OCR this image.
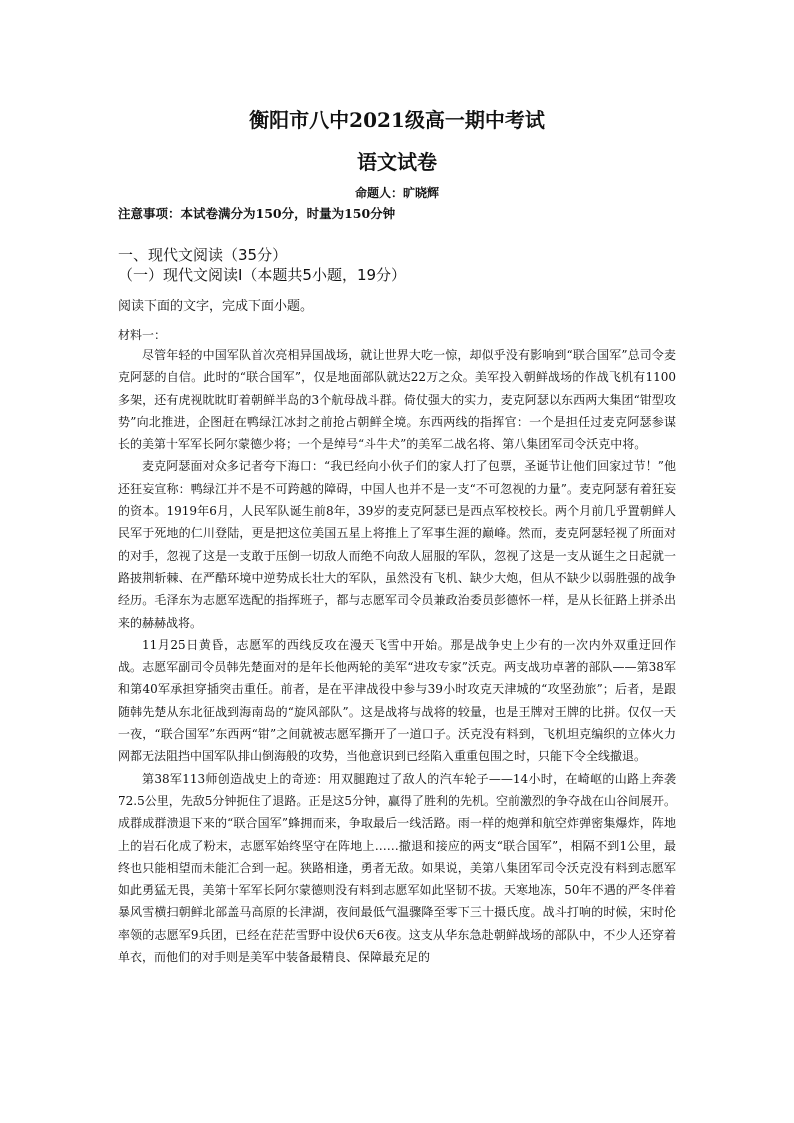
衡阳市八中2021级高一期中考试
语文试卷
命题人：旷晓辉
注意事项：本试卷满分为150分，时量为150分钟
一、现代文阅读（35分）
（一）现代文阅读Ⅰ（本题共5小题，19分）
阅读下面的文字，完成下面小题。
材料一：

尽管年轻的中国军队首次亮相异国战场，就让世界大吃一惊，却似乎没有影响到“联合国军”总司令麦克阿瑟的自信。此时的“联合国军”，仅是地面部队就达22万之众。美军投入朝鲜战场的作战飞机有1100多架，还有虎视眈眈盯着朝鲜半岛的3个航母战斗群。倚仗强大的实力，麦克阿瑟以东西两大集团“钳型攻势”向北推进，企图赶在鸭绿江冰封之前抢占朝鲜全境。东西两线的指挥官：一个是担任过麦克阿瑟参谋长的美第十军军长阿尔蒙德少将；一个是绰号“斗牛犬”的美军二战名将、第八集团军司令沃克中将。

麦克阿瑟面对众多记者夸下海口：“我已经向小伙子们的家人打了包票，圣诞节让他们回家过节！”他还狂妄宣称：鸭绿江并不是不可跨越的障碍，中国人也并不是一支“不可忽视的力量”。麦克阿瑟有着狂妄的资本。1919年6月，人民军队诞生前8年，39岁的麦克阿瑟已是西点军校校长。两个月前几乎置朝鲜人民军于死地的仁川登陆，更是把这位美国五星上将推上了军事生涯的巅峰。然而，麦克阿瑟轻视了所面对的对手，忽视了这是一支敢于压倒一切敌人而绝不向敌人屈服的军队，忽视了这是一支从诞生之日起就一路披荆斩棘、在严酷环境中逆势成长壮大的军队，虽然没有飞机、缺少大炮，但从不缺少以弱胜强的战争经历。毛泽东为志愿军选配的指挥班子，都与志愿军司令员兼政治委员彭德怀一样，是从长征路上拼杀出来的赫赫战将。

11月25日黄昏，志愿军的西线反攻在漫天飞雪中开始。那是战争史上少有的一次内外双重迂回作战。志愿军副司令员韩先楚面对的是年长他两轮的美军“进攻专家”沃克。两支战功卓著的部队——第38军和第40军承担穿插突击重任。前者，是在平津战役中参与39小时攻克天津城的“攻坚劲旅”；后者，是跟随韩先楚从东北征战到海南岛的“旋风部队”。这是战将与战将的较量，也是王牌对王牌的比拼。仅仅一天一夜，“联合国军”东西两“钳”之间就被志愿军撕开了一道口子。沃克没有料到，飞机坦克编织的立体火力网都无法阻挡中国军队排山倒海般的攻势，当他意识到已经陷入重重包围之时，只能下令全线撤退。

第38军113师创造战史上的奇迹：用双腿跑过了敌人的汽车轮子——14小时，在崎岖的山路上奔袭72.5公里，先敌5分钟扼住了退路。正是这5分钟，赢得了胜利的先机。空前激烈的争夺战在山谷间展开。成群成群溃退下来的“联合国军”蜂拥而来，争取最后一线活路。雨一样的炮弹和航空炸弹密集爆炸，阵地上的岩石化成了粉末，志愿军始终坚守在阵地上……撤退和接应的两支“联合国军”，相隔不到1公里，最终也只能相望而未能汇合到一起。狭路相逢，勇者无敌。如果说，美第八集团军司令沃克没有料到志愿军如此勇猛无畏，美第十军军长阿尔蒙德则没有料到志愿军如此坚韧不拔。天寒地冻，50年不遇的严冬伴着暴风雪横扫朝鲜北部盖马高原的长津湖，夜间最低气温骤降至零下三十摄氏度。战斗打响的时候，宋时伦率领的志愿军9兵团，已经在茫茫雪野中设伏6天6夜。这支从华东急赴朝鲜战场的部队中，不少人还穿着单衣，而他们的对手则是美军中装备最精良、保障最充足的
